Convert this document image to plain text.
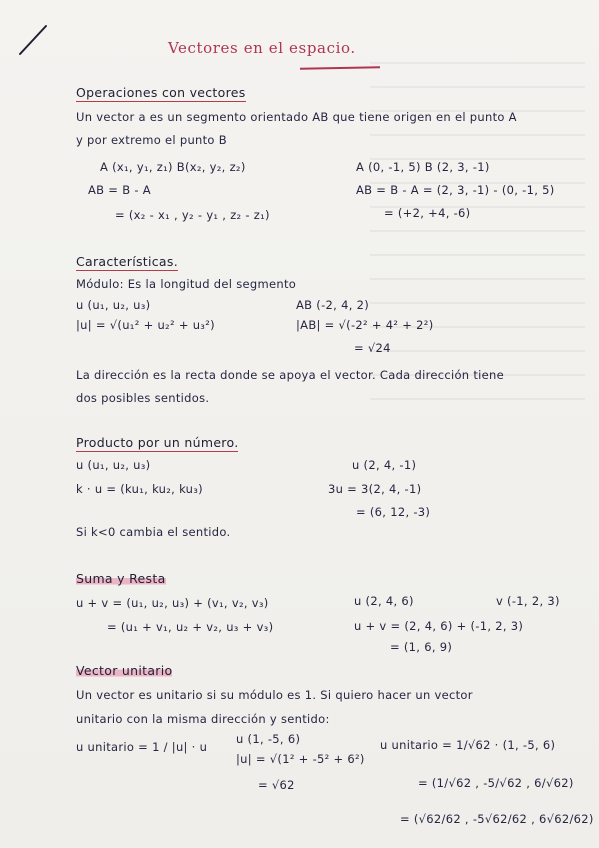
Vectores en el espacio.
Operaciones con vectores
Un vector a es un segmento orientado AB que tiene origen en el punto A
y por extremo el punto B
A (x₁, y₁, z₁) B(x₂, y₂, z₂)
AB = B - A
= (x₂ - x₁ , y₂ - y₁ , z₂ - z₁)
A (0, -1, 5) B (2, 3, -1)
AB = B - A = (2, 3, -1) - (0, -1, 5)
= (+2, +4, -6)
Características.
Módulo: Es la longitud del segmento
u (u₁, u₂, u₃)
|u| = √(u₁² + u₂² + u₃²)
AB (-2, 4, 2)
|AB| = √(-2² + 4² + 2²)
= √24
La dirección es la recta donde se apoya el vector. Cada dirección tiene
dos posibles sentidos.
Producto por un número.
u (u₁, u₂, u₃)
k · u = (ku₁, ku₂, ku₃)
u (2, 4, -1)
3u = 3(2, 4, -1)
= (6, 12, -3)
Si k<0 cambia el sentido.
Suma y Resta
u + v = (u₁, u₂, u₃) + (v₁, v₂, v₃)
= (u₁ + v₁, u₂ + v₂, u₃ + v₃)
u (2, 4, 6)	v (-1, 2, 3)
u + v = (2, 4, 6) + (-1, 2, 3)
= (1, 6, 9)
Vector unitario
Un vector es unitario si su módulo es 1. Si quiero hacer un vector
unitario con la misma dirección y sentido:
u unitario = 1 / |u| · u
u (1, -5, 6)
|u| = √(1² + -5² + 6²)
= √62
u unitario = 1/√62 · (1, -5, 6)
= (1/√62 , -5/√62 , 6/√62)
= (√62/62 , -5√62/62 , 6√62/62)
